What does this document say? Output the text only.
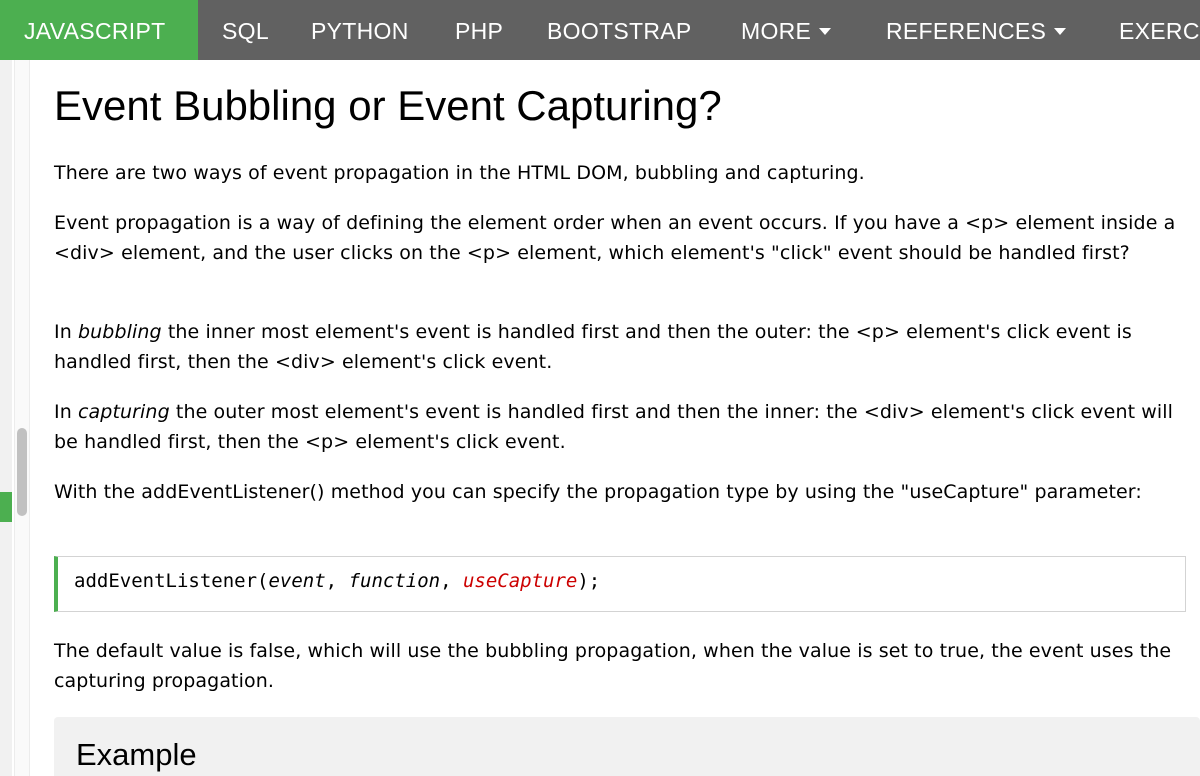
JAVASCRIPT	SQL	PYTHON	PHP	BOOTSTRAP	MORE	REFERENCES	EXERC
Event Bubbling or Event Capturing?

There are two ways of event propagation in the HTML DOM, bubbling and capturing.

Event propagation is a way of defining the element order when an event occurs. If you have a <p> element inside a <div> element, and the user clicks on the <p> element, which element's "click" event should be handled first?

In bubbling the inner most element's event is handled first and then the outer: the <p> element's click event is handled first, then the <div> element's click event.

In capturing the outer most element's event is handled first and then the inner: the <div> element's click event will be handled first, then the <p> element's click event.

With the addEventListener() method you can specify the propagation type by using the "useCapture" parameter:

addEventListener(event, function, useCapture);

The default value is false, which will use the bubbling propagation, when the value is set to true, the event uses the capturing propagation.

Example
